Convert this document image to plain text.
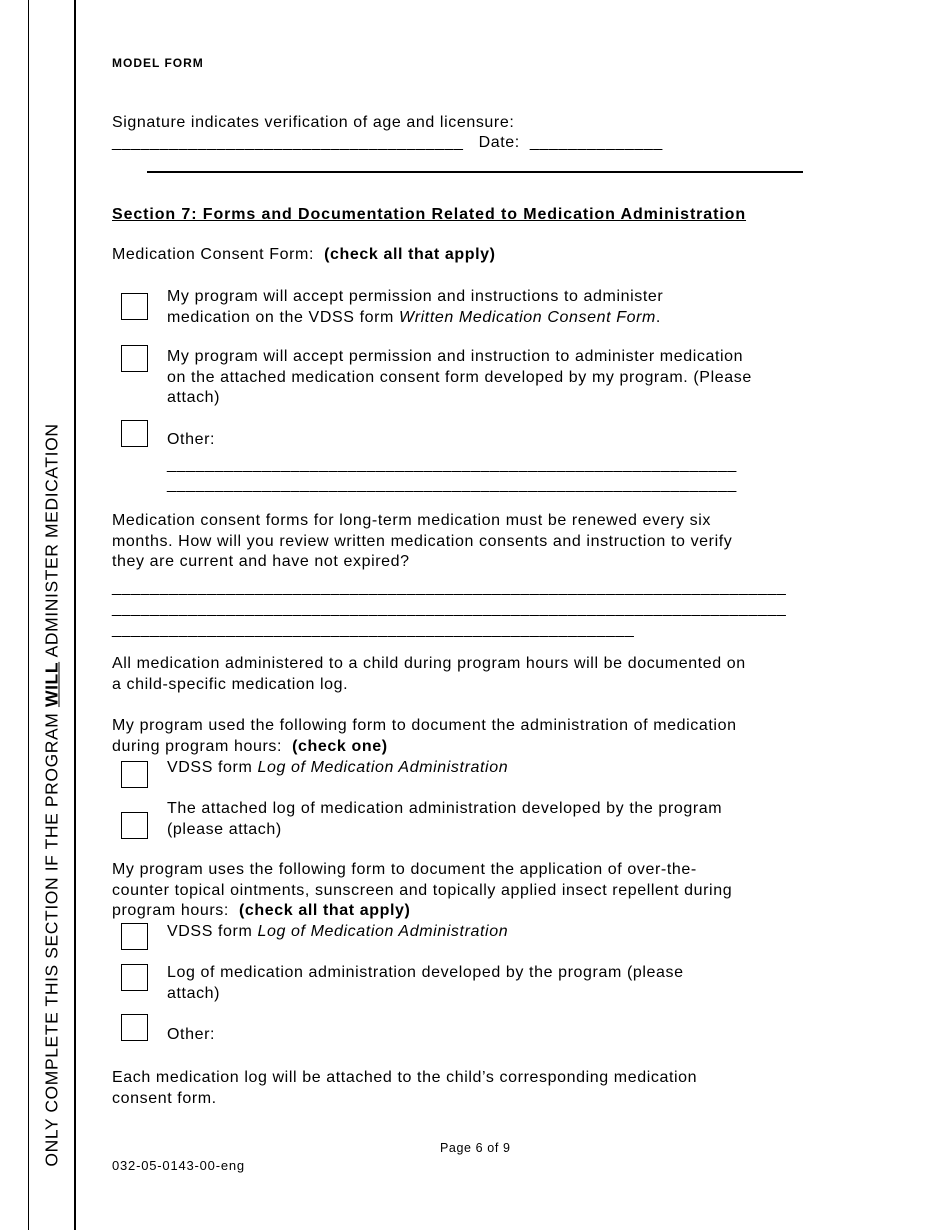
ONLY COMPLETE THIS SECTION IF THE PROGRAM WILL ADMINISTER MEDICATION
MODEL FORM
Signature indicates verification of age and licensure:
_____________________________________   Date:  ______________
Section 7: Forms and Documentation Related to Medication Administration
Medication Consent Form:  (check all that apply)
My program will accept permission and instructions to administer
medication on the VDSS form Written Medication Consent Form.
My program will accept permission and instruction to administer medication
on the attached medication consent form developed by my program. (Please
attach)
Other:
____________________________________________________________
____________________________________________________________
Medication consent forms for long-term medication must be renewed every six
months. How will you review written medication consents and instruction to verify
they are current and have not expired?
_______________________________________________________________________
_______________________________________________________________________
_______________________________________________________
All medication administered to a child during program hours will be documented on
a child-specific medication log.
My program used the following form to document the administration of medication
during program hours:  (check one)
VDSS form Log of Medication Administration
The attached log of medication administration developed by the program
(please attach)
My program uses the following form to document the application of over-the-
counter topical ointments, sunscreen and topically applied insect repellent during
program hours:  (check all that apply)
VDSS form Log of Medication Administration
Log of medication administration developed by the program (please
attach)
Other:
Each medication log will be attached to the child’s corresponding medication
consent form.
Page 6 of 9
032-05-0143-00-eng
